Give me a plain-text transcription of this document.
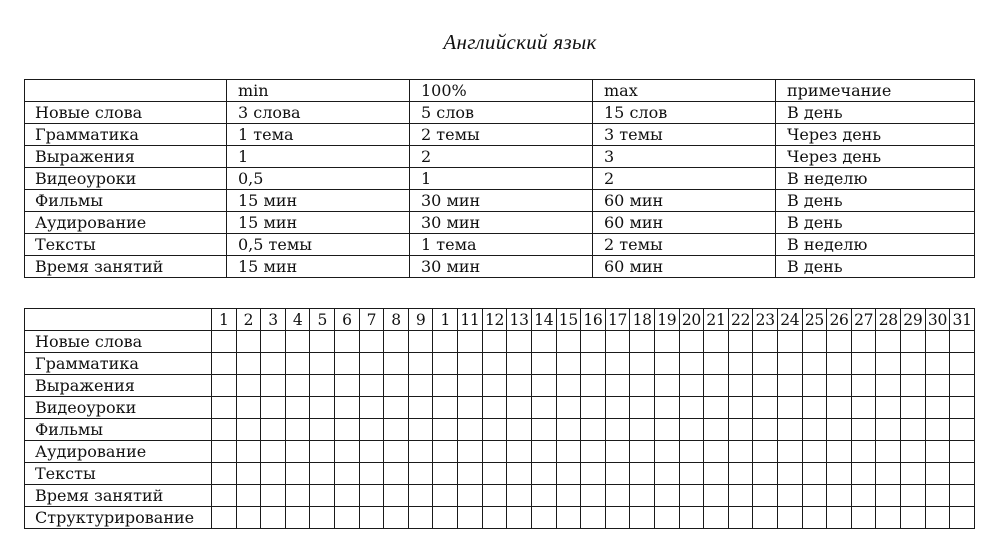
Английский язык
	min	100%	max	примечание
Новые слова	3 слова	5 слов	15 слов	В день
Грамматика	1 тема	2 темы	3 темы	Через день
Выражения	1	2	3	Через день
Видеоуроки	0,5	1	2	В неделю
Фильмы	15 мин	30 мин	60 мин	В день
Аудирование	15 мин	30 мин	60 мин	В день
Тексты	0,5 темы	1 тема	2 темы	В неделю
Время занятий	15 мин	30 мин	60 мин	В день
	1	2	3	4	5	6	7	8	9	1	11	12	13	14	15	16	17	18	19	20	21	22	23	24	25	26	27	28	29	30	31
Новые слова																															
Грамматика																															
Выражения																															
Видеоуроки																															
Фильмы																															
Аудирование																															
Тексты																															
Время занятий																															
Структурирование																															
